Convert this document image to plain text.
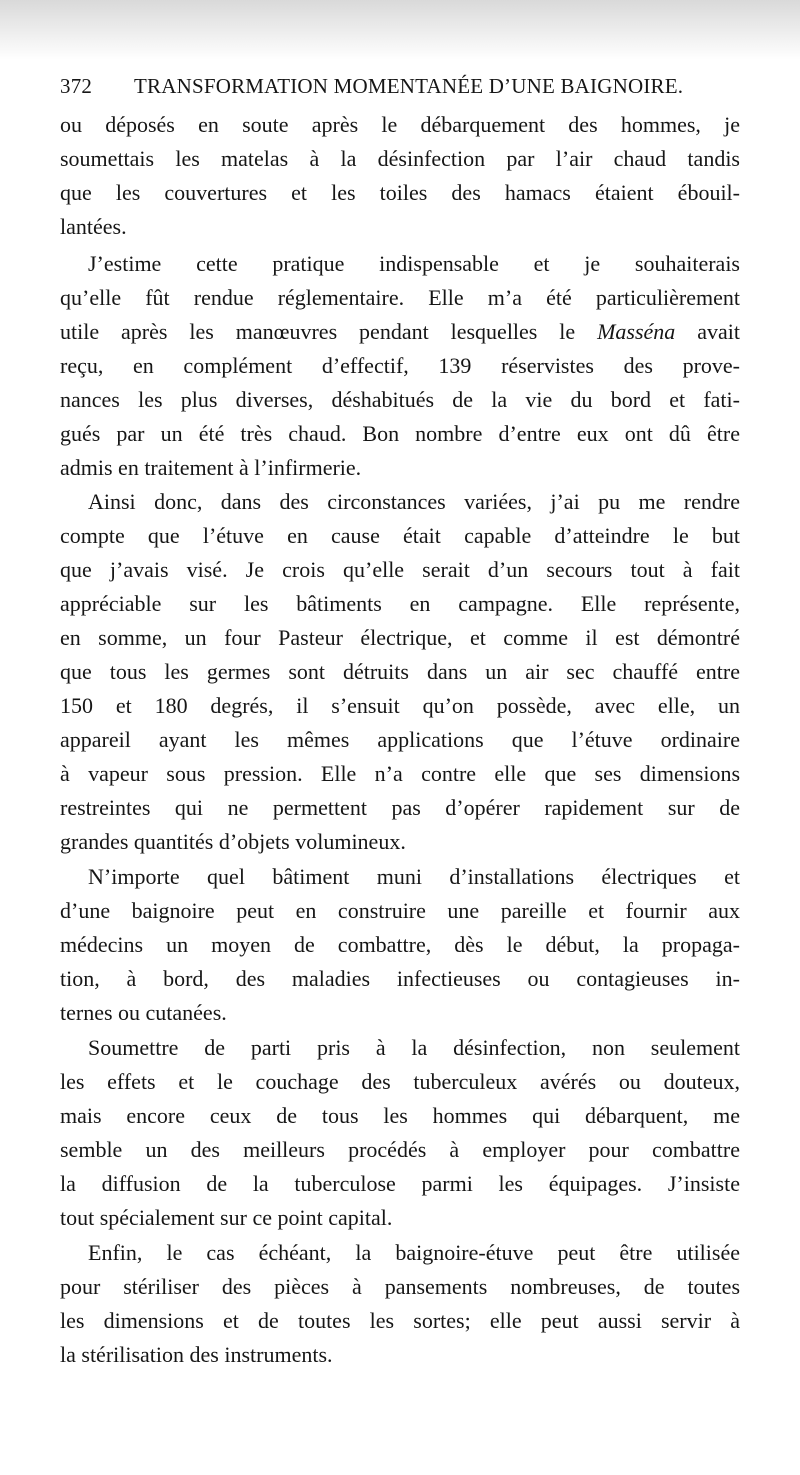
372 TRANSFORMATION MOMENTANÉE D’UNE BAIGNOIRE.
ou déposés en soute après le débarquement des hommes, je
soumettais les matelas à la désinfection par l’air chaud tandis
que les couvertures et les toiles des hamacs étaient ébouil-
lantées.
J’estime cette pratique indispensable et je souhaiterais
qu’elle fût rendue réglementaire. Elle m’a été particulièrement
utile après les manœuvres pendant lesquelles le Masséna avait
reçu, en complément d’effectif, 139 réservistes des prove-
nances les plus diverses, déshabitués de la vie du bord et fati-
gués par un été très chaud. Bon nombre d’entre eux ont dû être
admis en traitement à l’infirmerie.
Ainsi donc, dans des circonstances variées, j’ai pu me rendre
compte que l’étuve en cause était capable d’atteindre le but
que j’avais visé. Je crois qu’elle serait d’un secours tout à fait
appréciable sur les bâtiments en campagne. Elle représente,
en somme, un four Pasteur électrique, et comme il est démontré
que tous les germes sont détruits dans un air sec chauffé entre
150 et 180 degrés, il s’ensuit qu’on possède, avec elle, un
appareil ayant les mêmes applications que l’étuve ordinaire
à vapeur sous pression. Elle n’a contre elle que ses dimensions
restreintes qui ne permettent pas d’opérer rapidement sur de
grandes quantités d’objets volumineux.
N’importe quel bâtiment muni d’installations électriques et
d’une baignoire peut en construire une pareille et fournir aux
médecins un moyen de combattre, dès le début, la propaga-
tion, à bord, des maladies infectieuses ou contagieuses in-
ternes ou cutanées.
Soumettre de parti pris à la désinfection, non seulement
les effets et le couchage des tuberculeux avérés ou douteux,
mais encore ceux de tous les hommes qui débarquent, me
semble un des meilleurs procédés à employer pour combattre
la diffusion de la tuberculose parmi les équipages. J’insiste
tout spécialement sur ce point capital.
Enfin, le cas échéant, la baignoire-étuve peut être utilisée
pour stériliser des pièces à pansements nombreuses, de toutes
les dimensions et de toutes les sortes; elle peut aussi servir à
la stérilisation des instruments.
